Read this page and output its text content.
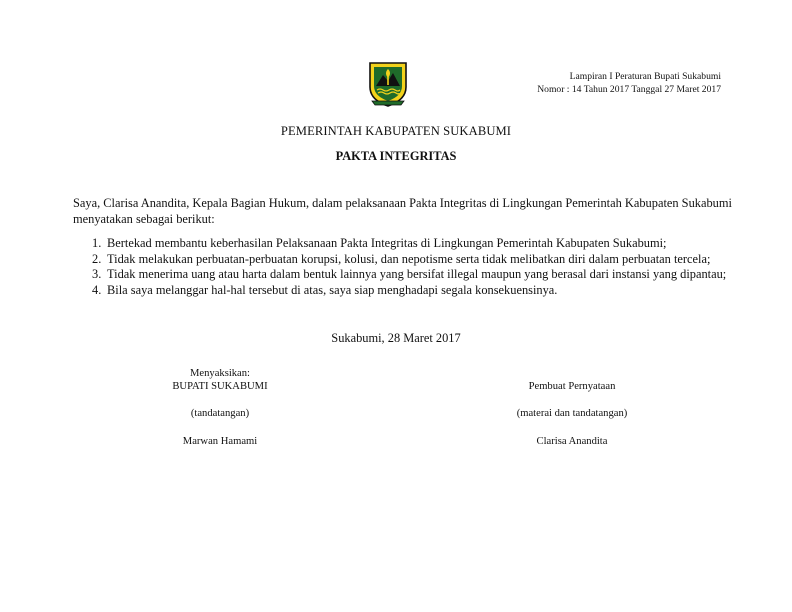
Lampiran I Peraturan Bupati Sukabumi
Nomor : 14 Tahun 2017 Tanggal 27 Maret 2017
PEMERINTAH KABUPATEN SUKABUMI
PAKTA INTEGRITAS
Saya, Clarisa Anandita, Kepala Bagian Hukum, dalam pelaksanaan Pakta Integritas di Lingkungan Pemerintah Kabupaten Sukabumi
menyatakan sebagai berikut:
1. Bertekad membantu keberhasilan Pelaksanaan Pakta Integritas di Lingkungan Pemerintah Kabupaten Sukabumi;
2. Tidak melakukan perbuatan-perbuatan korupsi, kolusi, dan nepotisme serta tidak melibatkan diri dalam perbuatan tercela;
3. Tidak menerima uang atau harta dalam bentuk lainnya yang bersifat illegal maupun yang berasal dari instansi yang dipantau;
4. Bila saya melanggar hal-hal tersebut di atas, saya siap menghadapi segala konsekuensinya.
Sukabumi, 28 Maret 2017
Menyaksikan:
BUPATI SUKABUMI
(tandatangan)
Marwan Hamami
Pembuat Pernyataan
(materai dan tandatangan)
Clarisa Anandita
